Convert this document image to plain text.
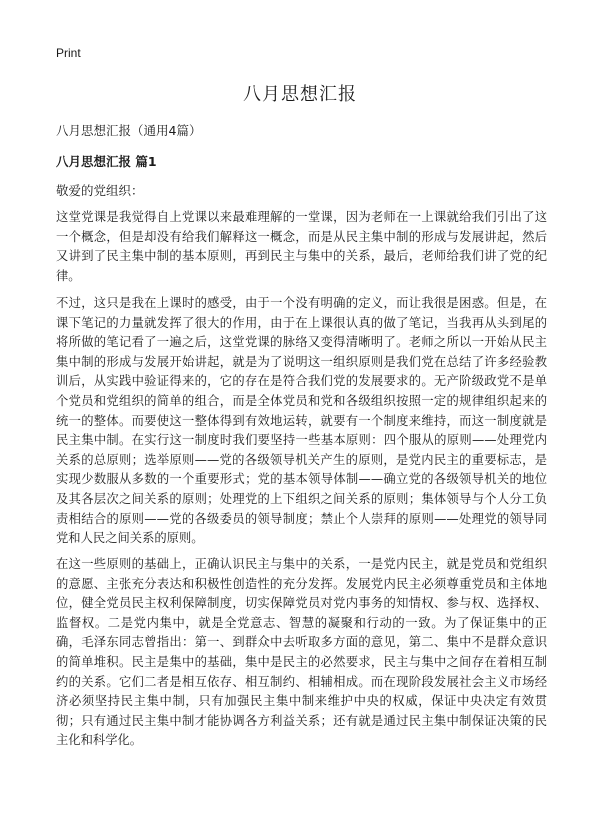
Print
八月思想汇报

八月思想汇报（通用4篇）

八月思想汇报 篇1

敬爱的党组织：

这堂党课是我觉得自上党课以来最难理解的一堂课，因为老师在一上课就给我们引出了这一个概念，但是却没有给我们解释这一概念，而是从民主集中制的形成与发展讲起，然后又讲到了民主集中制的基本原则，再到民主与集中的关系，最后，老师给我们讲了党的纪律。

不过，这只是我在上课时的感受，由于一个没有明确的定义，而让我很是困惑。但是，在课下笔记的力量就发挥了很大的作用，由于在上课很认真的做了笔记，当我再从头到尾的将所做的笔记看了一遍之后，这堂党课的脉络又变得清晰明了。老师之所以一开始从民主集中制的形成与发展开始讲起，就是为了说明这一组织原则是我们党在总结了许多经验教训后，从实践中验证得来的，它的存在是符合我们党的发展要求的。无产阶级政党不是单个党员和党组织的简单的组合，而是全体党员和党和各级组织按照一定的规律组织起来的统一的整体。而要使这一整体得到有效地运转，就要有一个制度来维持，而这一制度就是民主集中制。在实行这一制度时我们要坚持一些基本原则：四个服从的原则——处理党内关系的总原则；选举原则——党的各级领导机关产生的原则，是党内民主的重要标志，是实现少数服从多数的一个重要形式；党的基本领导体制——确立党的各级领导机关的地位及其各层次之间关系的原则；处理党的上下组织之间关系的原则；集体领导与个人分工负责相结合的原则——党的各级委员的领导制度；禁止个人崇拜的原则——处理党的领导同党和人民之间关系的原则。

在这一些原则的基础上，正确认识民主与集中的关系，一是党内民主，就是党员和党组织的意愿、主张充分表达和积极性创造性的充分发挥。发展党内民主必须尊重党员和主体地位，健全党员民主权利保障制度，切实保障党员对党内事务的知情权、参与权、选择权、监督权。二是党内集中，就是全党意志、智慧的凝聚和行动的一致。为了保证集中的正确，毛泽东同志曾指出：第一、到群众中去听取多方面的意见，第二、集中不是群众意识的简单堆积。民主是集中的基础，集中是民主的必然要求，民主与集中之间存在着相互制约的关系。它们二者是相互依存、相互制约、相辅相成。而在现阶段发展社会主义市场经济必须坚持民主集中制，只有加强民主集中制来维护中央的权威，保证中央决定有效贯彻；只有通过民主集中制才能协调各方利益关系；还有就是通过民主集中制保证决策的民主化和科学化。
